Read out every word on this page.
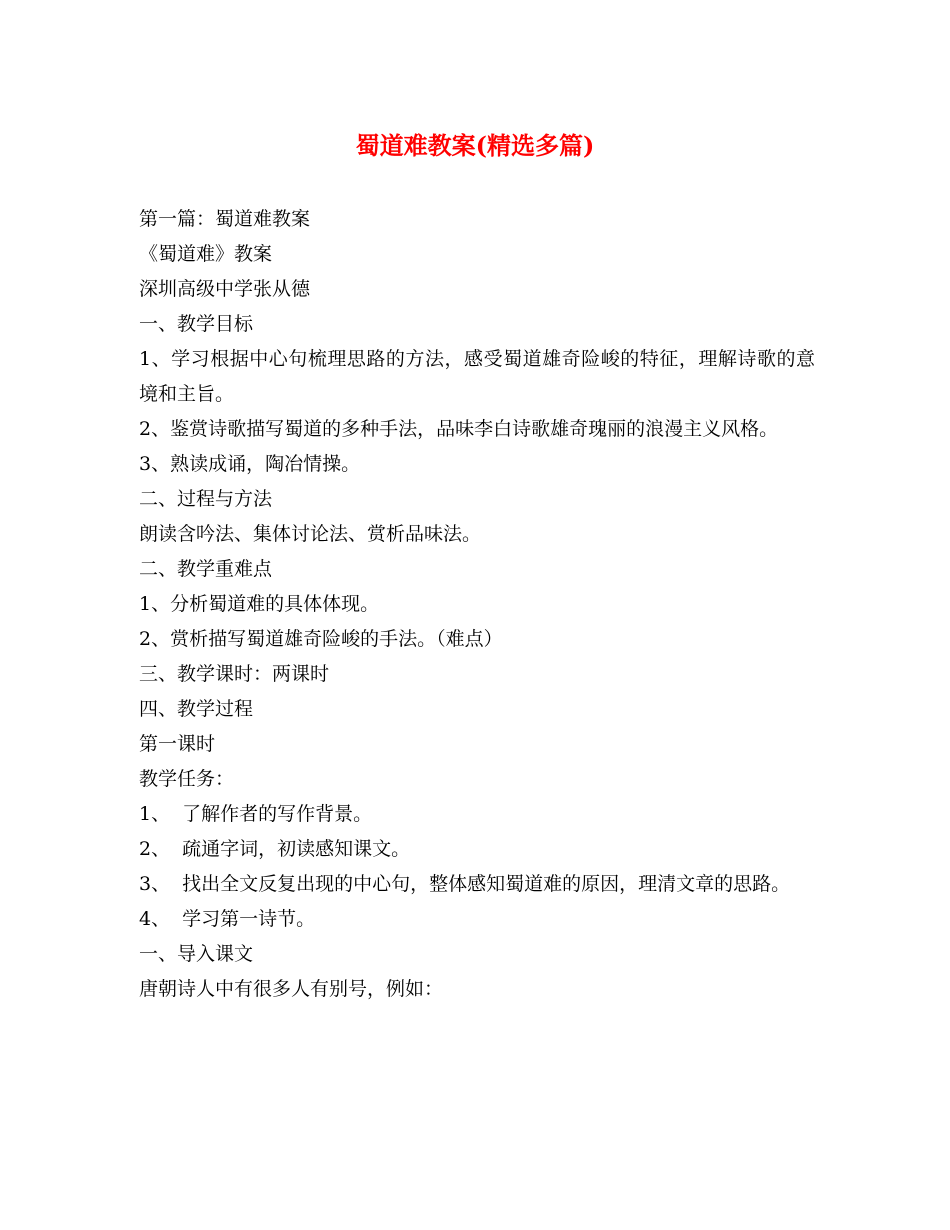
蜀道难教案(精选多篇)

第一篇：蜀道难教案

《蜀道难》教案

深圳高级中学张从德

一、教学目标

1、学习根据中心句梳理思路的方法，感受蜀道雄奇险峻的特征，理解诗歌的意境和主旨。

2、鉴赏诗歌描写蜀道的多种手法，品味李白诗歌雄奇瑰丽的浪漫主义风格。

3、熟读成诵，陶冶情操。

二、过程与方法

朗读含吟法、集体讨论法、赏析品味法。

二、教学重难点

1、分析蜀道难的具体体现。

2、赏析描写蜀道雄奇险峻的手法。（难点）

三、教学课时：两课时

四、教学过程

第一课时

教学任务：

1、  了解作者的写作背景。

2、  疏通字词，初读感知课文。

3、  找出全文反复出现的中心句，整体感知蜀道难的原因，理清文章的思路。

4、  学习第一诗节。

一、导入课文

唐朝诗人中有很多人有别号，例如：
